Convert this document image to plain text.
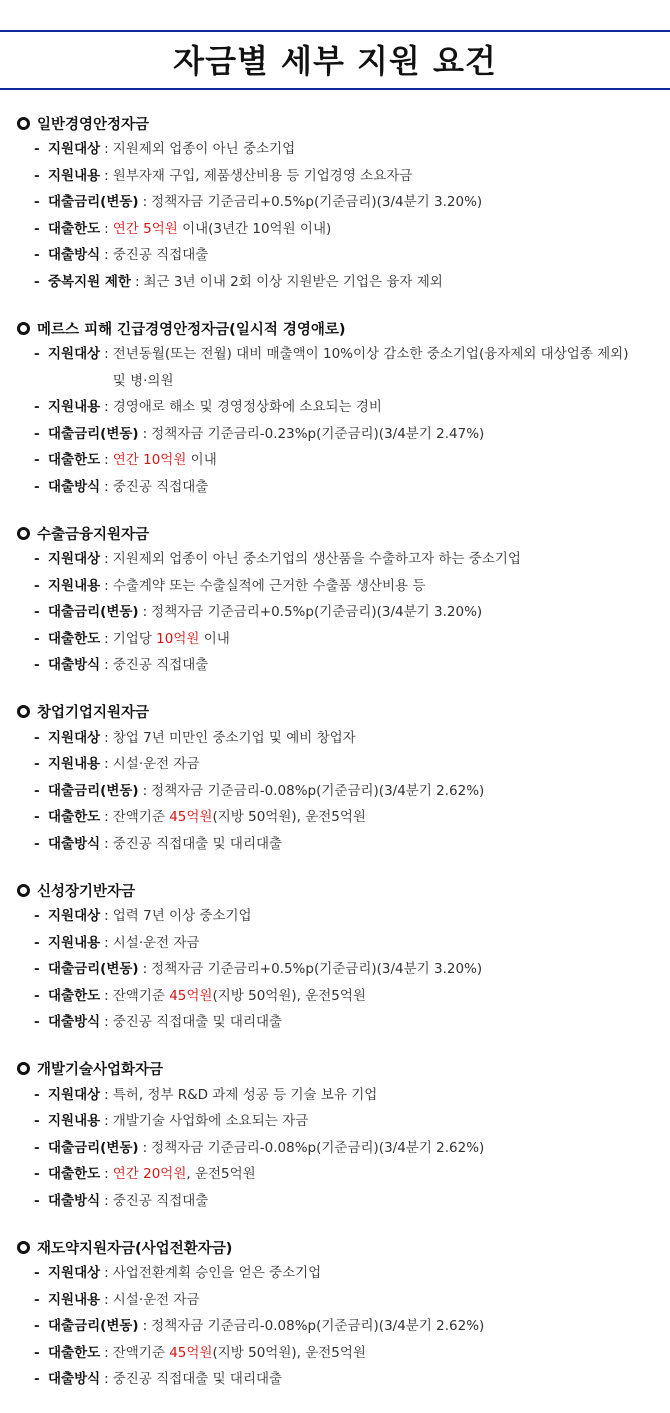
자금별 세부 지원 요건
일반경영안정자금
- 지원대상 : 지원제외 업종이 아닌 중소기업
- 지원내용 : 원부자재 구입, 제품생산비용 등 기업경영 소요자금
- 대출금리(변동) : 정책자금 기준금리+0.5%p(기준금리)(3/4분기 3.20%)
- 대출한도 : 연간 5억원 이내(3년간 10억원 이내)
- 대출방식 : 중진공 직접대출
- 중복지원 제한 : 최근 3년 이내 2회 이상 지원받은 기업은 융자 제외
메르스 피해 긴급경영안정자금(일시적 경영애로)
- 지원대상 : 전년동월(또는 전월) 대비 매출액이 10%이상 감소한 중소기업(융자제외 대상업종 제외) 및 병·의원
- 지원내용 : 경영애로 해소 및 경영정상화에 소요되는 경비
- 대출금리(변동) : 정책자금 기준금리-0.23%p(기준금리)(3/4분기 2.47%)
- 대출한도 : 연간 10억원 이내
- 대출방식 : 중진공 직접대출
수출금융지원자금
- 지원대상 : 지원제외 업종이 아닌 중소기업의 생산품을 수출하고자 하는 중소기업
- 지원내용 : 수출계약 또는 수출실적에 근거한 수출품 생산비용 등
- 대출금리(변동) : 정책자금 기준금리+0.5%p(기준금리)(3/4분기 3.20%)
- 대출한도 : 기업당 10억원 이내
- 대출방식 : 중진공 직접대출
창업기업지원자금
- 지원대상 : 창업 7년 미만인 중소기업 및 예비 창업자
- 지원내용 : 시설·운전 자금
- 대출금리(변동) : 정책자금 기준금리-0.08%p(기준금리)(3/4분기 2.62%)
- 대출한도 : 잔액기준 45억원(지방 50억원), 운전5억원
- 대출방식 : 중진공 직접대출 및 대리대출
신성장기반자금
- 지원대상 : 업력 7년 이상 중소기업
- 지원내용 : 시설·운전 자금
- 대출금리(변동) : 정책자금 기준금리+0.5%p(기준금리)(3/4분기 3.20%)
- 대출한도 : 잔액기준 45억원(지방 50억원), 운전5억원
- 대출방식 : 중진공 직접대출 및 대리대출
개발기술사업화자금
- 지원대상 : 특허, 정부 R&D 과제 성공 등 기술 보유 기업
- 지원내용 : 개발기술 사업화에 소요되는 자금
- 대출금리(변동) : 정책자금 기준금리-0.08%p(기준금리)(3/4분기 2.62%)
- 대출한도 : 연간 20억원, 운전5억원
- 대출방식 : 중진공 직접대출
재도약지원자금(사업전환자금)
- 지원대상 : 사업전환계획 승인을 얻은 중소기업
- 지원내용 : 시설·운전 자금
- 대출금리(변동) : 정책자금 기준금리-0.08%p(기준금리)(3/4분기 2.62%)
- 대출한도 : 잔액기준 45억원(지방 50억원), 운전5억원
- 대출방식 : 중진공 직접대출 및 대리대출
